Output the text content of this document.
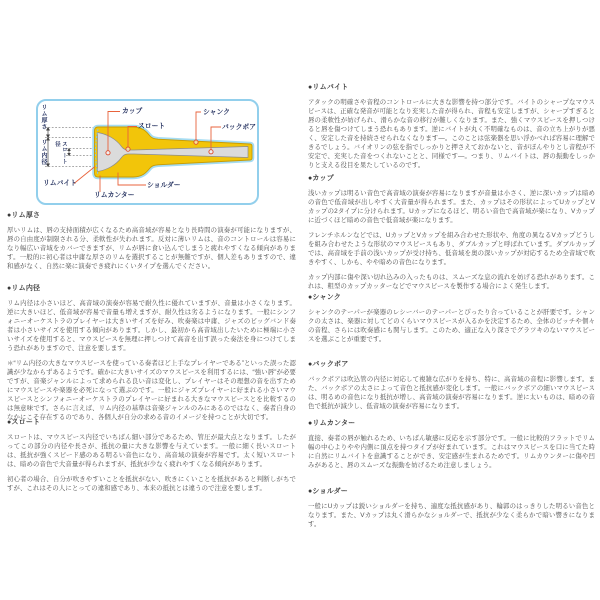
カップ
スロート
シャンク
バックボア
リムバイト	ショルダー
リムカンター
リム厚さ
リム内径	スロート径
●リム厚さ

厚いリムは、唇の支持面積が広くなるため高音域が容易となり長時間の演奏が可能になりますが、唇の自由度が制限される分、柔軟性が失われます。反対に薄いリムは、音のコントロールは容易になり幅広い音域をカバーできますが、リムが唇に食い込んでしまうと疲れやすくなる傾向があります。一般的に初心者は中庸な厚さのリムを選択することが無難ですが、個人差もありますので、違和感がなく、自然に楽に演奏でき疲れにくいタイプを選んでください。

●リム内径

リム内径は小さいほど、高音域の演奏が容易で耐久性に優れていますが、音量は小さくなります。逆に大きいほど、低音域が容易で音量も増えますが、耐久性は劣るようになります。一般にシンフォニーオーケストラのプレイヤーは大きいサイズを好み、吹奏楽は中庸、ジャズのビッグバンド奏者は小さいサイズを使用する傾向があります。しかし、最初から高音域出したいために極端に小さいサイズを使用すると、マウスピースを無理に押しつけて高音を出す誤った奏法を身につけてしまう恐れがありますので、注意を要します。

＊“リム内径の大きなマウスピースを使っている奏者ほど上手なプレイヤーである”といった誤った認識が少なからずあるようです。確かに大きいサイズのマウスピースを利用するには、“強い唇”が必要ですが、音楽ジャンルによって求められる良い音は変化し、プレイヤーはその理想の音を出すためにマウスピースや楽器を必死になって選ぶのです。一般にジャズプレイヤーに好まれる小さいマウスピースとシンフォニーオーケストラのプレイヤーに好まれる大きなマウスピースとを比較するのは無意味です。さらに言えば、リム内径の基準は音楽ジャンルのみにあるのではなく、奏者自身のなかにこそ存在するのであり、各個人が自分の求める音のイメージを持つことが大切です。

●スロート

スロートは、マウスピース内径でいちばん細い部分であるため、管圧が最大点となります。したがってこの部分の内径や長さが、抵抗の量に大きな影響を与えています。一般に細く長いスロートは、抵抗が強くスピード感のある明るい音色になり、高音域の演奏が容易です。太く短いスロートは、暗めの音色で大音量が得られますが、抵抗が少なく疲れやすくなる傾向があります。

初心者の場合、自分が吹きやすいことを抵抗がない、吹きにくいことを抵抗があると判断しがちですが、これはその人にとっての違和感であり、本来の抵抗とは違うので注意を要します。

●リムバイト

アタックの明確さや音程のコントロールに大きな影響を持つ部分です。バイトのシャープなマウスピースは、正確な発音が可能となり充実した音が得られ、音程も安定しますが、シャープすぎると唇の柔軟性が妨げられ、滑らかな音の移行が難しくなります。また、強くマウスピースを押しつけると唇を傷つけてしまう恐れもあります。逆にバイトが丸く不明確なものは、音の立ち上がりが悪く、安定した音を持続させられなくなります―。このことは弦楽器を思い浮かべれば容易に理解できるでしょう。バイオリンの弦を指でしっかりと押さえておかないと、音がぼんやりとし音程が不安定で、充実した音をつくれないことと、同様です―。つまり、リムバイトは、唇の振動をしっかりと支える役目を果たしているのです。

●カップ

浅いカップは明るい音色で高音域の演奏が容易になりますが音量は小さく、逆に深いカップは暗めの音色で低音域が出しやすく大音量が得られます。また、カップはその形状によってUカップとVカップの2タイプに分けられます。Uカップになるほど、明るい音色で高音域が楽になり、Vカップに近づくほど暗めの音色で低音域が楽になります。

フレンチホルンなどでは、UカップとVカップを組み合わせた形状や、角度の異なるVカップどうしを組み合わせたような形状のマウスピースもあり、ダブルカップと呼ばれています。ダブルカップでは、高音域を手前の浅いカップが受け持ち、低音域を奥の深いカップが対応するため全音域で吹きやすく、しかも、やや暗めの音色になります。

カップ内部に傷や深い切れ込みの入ったものは、スムーズな息の流れを妨げる恐れがあります。これは、粗型のカップカッターなどでマウスピースを製作する場合によく発生します。

●シャンク

シャンクのテーパーが楽器のレシーバーのテーパーとぴったり合っていることが肝要です。シャンクの太さは、楽器に対してどのくらいマウスピースが入るかを決定するため、全体のピッチや個々の音程、さらには吹奏感にも関与します。このため、適正な入り深さでグラツキのないマウスピースを選ぶことが重要です。

●バックボア

バックボアは吹込管の内径に対応して複雑な広がりを持ち、特に、高音域の音程に影響します。また、バックボアの太さによって音色と抵抗感が変化します。一般にバックボアの細いマウスピースは、明るめの音色になり抵抗が増し、高音域の演奏が容易になります。逆に太いものは、暗めの音色で抵抗が減少し、低音域の演奏が容易になります。

●リムカンター

直接、奏者の唇が触れるため、いちばん敏感に反応を示す部分です。一般に比較的フラットでリム幅の中心よりやや内側に頂点を持つタイプが好まれています。これはマウスピースを口に当てた時に自然にリムバイトを意識することができ、安定感が生まれるためです。リムカウンターに傷や凹みがあると、唇のスムーズな振動を妨げるため注意しましょう。

●ショルダー

一般にUカップは鋭いショルダーを持ち、適度な抵抗感があり、輪郭のはっきりした明るい音色となります。また、Vカップは丸く滑らかなショルダーで、抵抗が少なく柔らかで暗い響きになります。
